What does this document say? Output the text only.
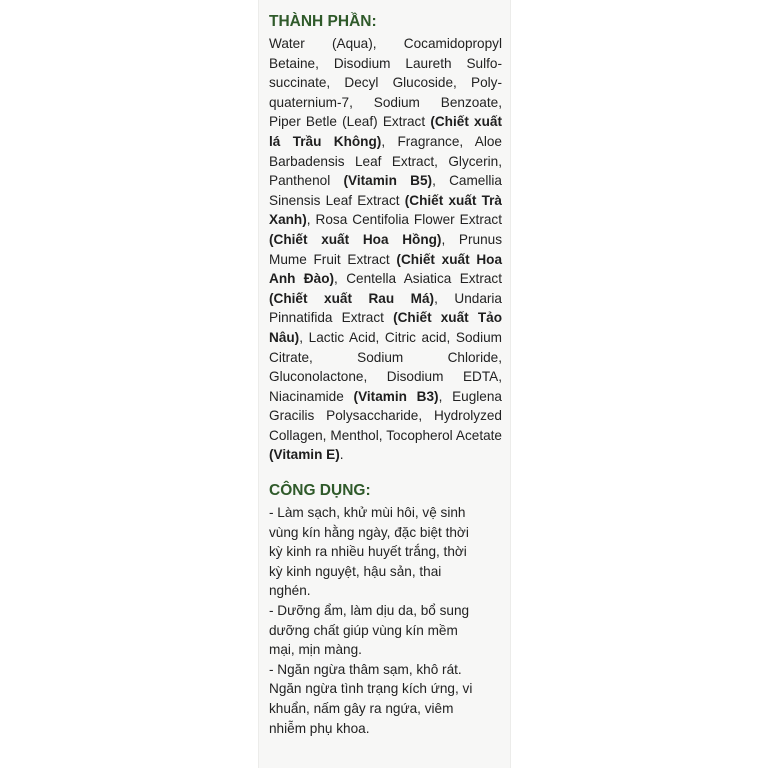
THÀNH PHẦN:

Water (Aqua), Cocamidopropyl Betaine, Disodium Laureth Sulfosuccinate, Decyl Glucoside, Polyquaternium-7, Sodium Benzoate, Piper Betle (Leaf) Extract (Chiết xuất lá Trầu Không), Fragrance, Aloe Barbadensis Leaf Extract, Glycerin, Panthenol (Vitamin B5), Camellia Sinensis Leaf Extract (Chiết xuất Trà Xanh), Rosa Centifolia Flower Extract (Chiết xuất Hoa Hồng), Prunus Mume Fruit Extract (Chiết xuất Hoa Anh Đào), Centella Asiatica Extract (Chiết xuất Rau Má), Undaria Pinnatifida Extract (Chiết xuất Tảo Nâu), Lactic Acid, Citric acid, Sodium Citrate, Sodium Chloride, Gluconolactone, Disodium EDTA, Niacinamide (Vitamin B3), Euglena Gracilis Polysaccharide, Hydrolyzed Collagen, Menthol, Tocopherol Acetate (Vitamin E).

CÔNG DỤNG:
- Làm sạch, khử mùi hôi, vệ sinh
vùng kín hằng ngày, đặc biệt thời
kỳ kinh ra nhiều huyết trắng, thời
kỳ kinh nguyệt, hậu sản, thai
nghén.
- Dưỡng ẩm, làm dịu da, bổ sung
dưỡng chất giúp vùng kín mềm
mại, mịn màng.
- Ngăn ngừa thâm sạm, khô rát.
Ngăn ngừa tình trạng kích ứng, vi
khuẩn, nấm gây ra ngứa, viêm
nhiễm phụ khoa.
